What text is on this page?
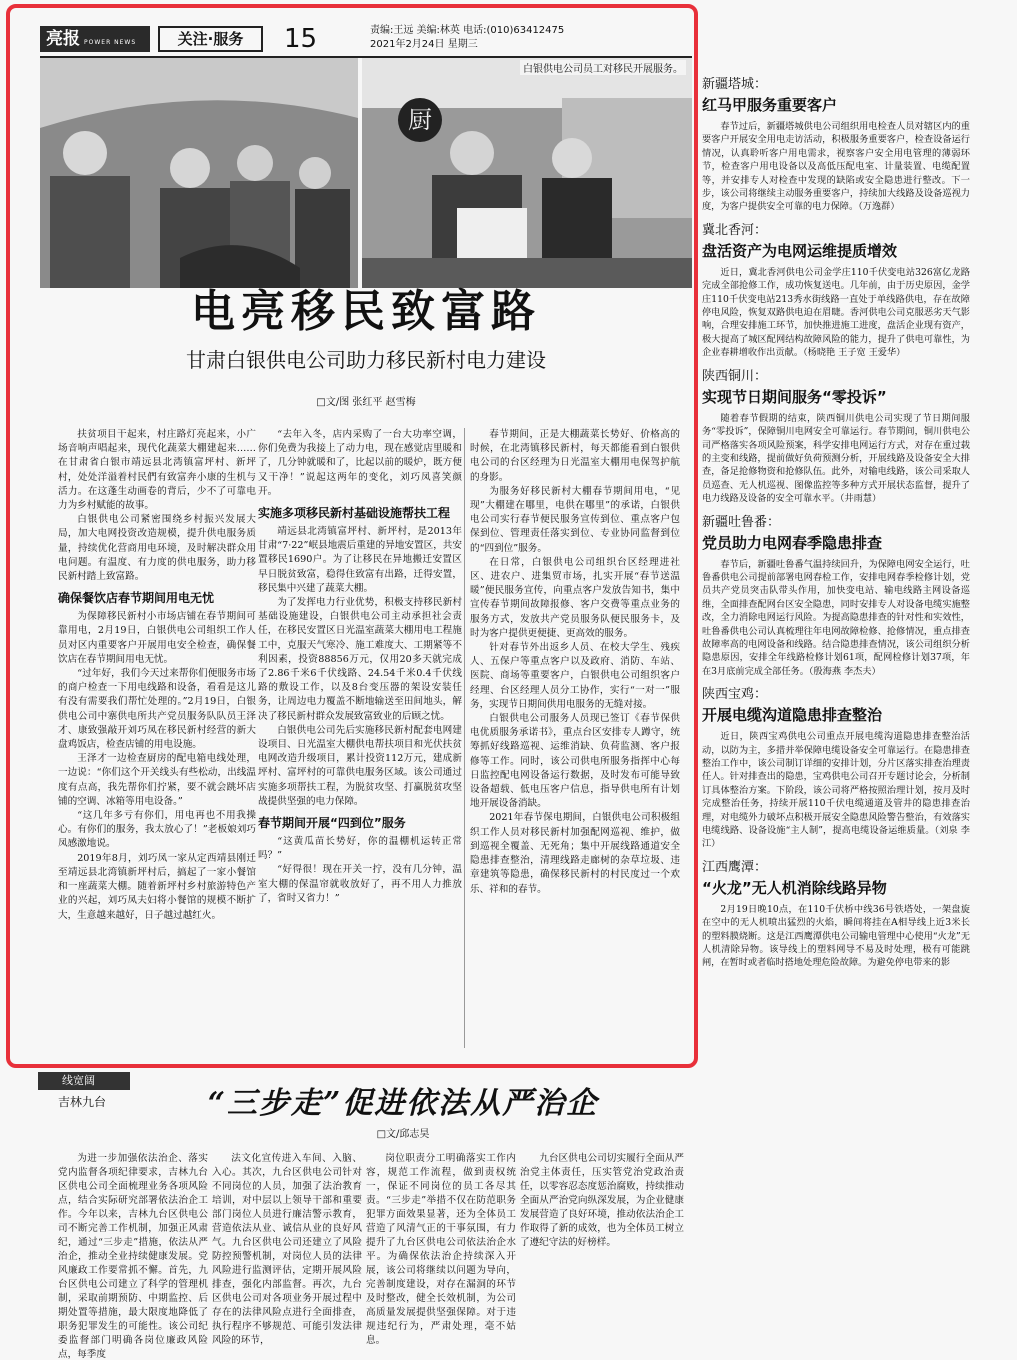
亮报 POWER NEWS	关注·服务	15	责编:王远 美编:林英 电话:(010)63412475
2021年2月24日 星期三
厨
白银供电公司员工对移民开展服务。
电亮移民致富路
甘肃白银供电公司助力移民新村电力建设
□文/图 张红平 赵雪梅

扶贫项目干起来，村庄路灯亮起来，小广场音响声唱起来，现代化蔬菜大棚建起来……在甘肃省白银市靖远县北湾镇富坪村、新坪村，处处洋溢着村民們有致富奔小康的生机与活力。在这蓬生动画卷的背后，少不了可靠电力为乡村赋能的故事。

白银供电公司紧密围绕乡村振兴发展大局，加大电网投资改造规模，提升供电服务质量，持续优化营商用电环境，及时解决群众用电问题。有温度、有力度的供电服务，助力移民新村踏上致富路。

确保餐饮店春节期间用电无忧

为保障移民新村小市场店铺在春节期间可靠用电，2月19日，白银供电公司组织工作人员对区内重要客户开展用电安全检查，确保餐饮店在春节期间用电无忧。

“过年好，我们今天过来帮你们便服务市场的商户检查一下用电线路和设备，看看是这儿有没有需要我们帮忙处理的。”2月19日，白银供电公司中寨供电所共产党员服务队队员王泽才、康致强敲开刘巧凤在移民新村经营的新大盘鸡饭店，检查店铺的用电设施。

王泽才一边检查厨房的配电箱电线处理，一边说：“你们这个开关线头有些松动，出线温度有点高，我先帮你们拧紧，要不就会跳坏店铺的空调、冰箱等用电设备。”

“这几年多亏有你们，用电再也不用我操心。有你们的服务，我太放心了！”老板娘刘巧凤感激地说。

2019年8月，刘巧凤一家从定西靖县刚迁至靖远县北湾镇新坪村后，搞起了一家小餐馆和一座蔬菜大棚。随着新坪村乡村旅游特色产业的兴起，刘巧凤夫妇将小餐馆的规模不断扩大，生意越来越好，日子越过越红火。

“去年入冬，店内采购了一台大功率空调，你们免费为我接上了动力电，现在感觉店里暖和了，几分钟就暖和了，比起以前的暖炉，既方便又干净！”说起这两年的变化，刘巧凤喜笑颜开。

实施多项移民新村基础设施帮扶工程

靖远县北湾镇富坪村、新坪村，是2013年甘肃“7·22”岷县地震后重建的异地安置区，共安置移民1690户。为了让移民在异地搬迁安置区早日脱贫致富，稳得住致富有出路，迁得安置，移民集中兴建了蔬菜大棚。

为了发挥电力行业优势，积极支持移民新村基础设施建设，白银供电公司主动承担社会责任，在移民安置区日光温室蔬菜大棚用电工程施工中，克服天气寒冷、施工难度大、工期紧等不利因素，投资88856万元，仅用20多天就完成了2.86千米6千伏线路、24.54千米0.4千伏线路的敷设工作，以及8台变压器的架设安装任务，让周边电力覆盖不断地输送至田间地头，解决了移民新村群众发展致富致业的后顾之忧。

白银供电公司先后实施移民新村配套电网建设项目、日光温室大棚供电帮扶项目和光伏扶贫电网改造升级项目，累计投资112万元，建成新坪村、富坪村的可靠供电服务区域。该公司通过实施多项帮扶工程，为脱贫攻坚、打赢脱贫攻坚战提供坚强的电力保障。

春节期间开展“四到位”服务

“这黄瓜苗长势好，你的温棚机运转正常吗？”

“好得很！现在开关一拧，没有几分钟，温室大棚的保温帘就收放好了，再不用人力推放了，省时又省力！”

春节期间，正是大棚蔬菜长势好、价格高的时候，在北湾镇移民新村，每天都能看到白银供电公司的台区经理为日光温室大棚用电保驾护航的身影。

为服务好移民新村大棚春节期间用电，“见现”大棚建在哪里，电供在哪里”的承诺，白银供电公司实行春节便民服务宣传到位、重点客户包保到位、管理责任落实到位、专业协同监督到位的“四到位”服务。

在日常，白银供电公司组织台区经理进社区、进农户、进集贸市场，扎实开展“春节送温暖”便民服务宣传，向重点客户发放告知书，集中宣传春节期间故障报修、客户交费等重点业务的服务方式，发放共产党员服务队便民服务卡，及时为客户提供更便捷、更高效的服务。

针对春节外出返乡人员、在校大学生、残疾人、五保户等重点客户以及政府、消防、车站、医院、商场等重要客户，白银供电公司组织客户经理、台区经理人员分工协作，实行“一对一”服务，实现节日期间供用电服务的无缝对接。

白银供电公司服务人员现已签订《春节保供电优质服务承诺书》，重点台区安排专人蹲守，统筹抓好线路巡视、运维消缺、负荷监测、客户报修等工作。同时，该公司供电所服务指挥中心每日监控配电网设备运行数据，及时发布可能导致设备超载、低电压客户信息，指导供电所有计划地开展设备消缺。

2021年春节保电期间，白银供电公司积极组织工作人员对移民新村加强配网巡视、维护，做到巡视全覆盖、无死角；集中开展线路通道安全隐患排查整治，清理线路走廊树的杂草垃圾、违章建筑等隐患，确保移民新村的村民度过一个欢乐、祥和的春节。

新疆塔城：
红马甲服务重要客户
春节过后，新疆塔城供电公司组织用电检查人员对辖区内的重要客户开展安全用电走访活动，积极服务重要客户，检查设备运行情况，认真聆听客户用电需求，视察客户安全用电管理的薄弱环节，检查客户用电设备以及高低压配电室、计量装置、电缆配置等，并安排专人对检查中发现的缺陷或安全隐患进行整改。下一步，该公司将继续主动服务重要客户，持续加大线路及设备巡视力度，为客户提供安全可靠的电力保障。（万逸群）
冀北香河：
盘活资产为电网运维提质增效
近日，冀北香河供电公司金学庄110千伏变电站326富亿龙路完成全部抢修工作，成功恢复送电。几年前，由于历史原因，金学庄110千伏变电站213秀水街线路一直处于单线路供电，存在故障停电风险，恢复双路供电迫在眉睫。香河供电公司克服恶劣天气影响，合理安排施工环节，加快推进施工进度，盘活企业现有资产，极大提高了城区配网结构故障风险的能力，提升了供电可靠性，为企业春耕增收作出贡献。（杨晓艳 王子宽 王爱华）
陕西铜川：
实现节日期间服务“零投诉”
随着春节假期的结束，陕西铜川供电公司实现了节日期间服务“零投诉”，保障铜川电网安全可靠运行。春节期间，铜川供电公司严格落实各项风险预案，科学安排电网运行方式，对存在重过载的主变和线路，提前做好负荷预测分析，开展线路及设备安全大排查，备足抢修物资和抢修队伍。此外，对输电线路，该公司采取人员巡查、无人机巡视、图像监控等多种方式开展状态监督，提升了电力线路及设备的安全可靠水平。（井雨慧）
新疆吐鲁番：
党员助力电网春季隐患排查
春节后，新疆吐鲁番气温持续回升，为保障电网安全运行，吐鲁番供电公司提前部署电网春检工作，安排电网春季检修计划，党员共产党员突击队带头作用，加快变电站、输电线路主网设备巡维，全面排查配网台区安全隐患，同时安排专人对设备电缆实施整改，全力消除电网运行风险。为提高隐患排查的针对性和实效性，吐鲁番供电公司认真梳理往年电网故障检修、抢修情况，重点排查故障率高的电网设备和线路。结合隐患排查情况，该公司组织分析隐患原因，安排全年线路检修计划61项，配网检修计划37项，年在3月底前完成全部任务。（殷海燕 李杰夫）
陕西宝鸡：
开展电缆沟道隐患排查整治
近日，陕西宝鸡供电公司重点开展电缆沟道隐患排查整治活动，以防为主，多措并举保障电缆设备安全可靠运行。在隐患排查整治工作中，该公司制订详细的安排计划，分片区落实排查治理责任人。针对排查出的隐患，宝鸡供电公司召开专题讨论会，分析制订具体整治方案。下阶段，该公司将严格按照治理计划，按月及时完成整治任务，持续开展110千伏电缆通道及管井的隐患排查治理，对电缆外力破坏点积极开展安全隐患风险警告整治，有效落实电缆线路、设备设施“主人制”，提高电缆设备运维质量。（刘泉 李江）
江西鹰潭：
“火龙”无人机消除线路异物
2月19日晚10点，在110千伏桥中线36号铁塔处，一架盘旋在空中的无人机喷出猛烈的火焰，瞬间将挂在A相导线上近3米长的塑料膜烧断。这是江西鹰潭供电公司输电管理中心使用“火龙”无人机清除异物。该导线上的塑料网导不易及时处理，极有可能跳闸，在暂时或者临时搭地处理危险故障。为避免停电带来的影
线宽阔
吉林九台	“三步走”促进依法从严治企
□文/邱志昊

为进一步加强依法治企、落实党内监督各项纪律要求，吉林九台区供电公司全面梳理业务各项风险点，结合实际研究部署依法治企工作。今年以来，吉林九台区供电公司不断完善工作机制，加强正风肃纪，通过“三步走”措施，依法从严治企，推动全业持续健康发展。党风廉政工作要常抓不懈。首先，九台区供电公司建立了科学的管理机制，采取前期预防、中期监控、后期处置等措施，最大限度地降低了职务犯罪发生的可能性。该公司纪委监督部门明确各岗位廉政风险点，每季度

法文化宣传进入车间、入脑、入心。其次，九台区供电公司针对不同岗位的人员，加强了法治教育培训，对中层以上领导干部和重要部门岗位人员进行廉洁警示教育，营造依法从业、诚信从业的良好风气。九台区供电公司还建立了风险防控预警机制，对岗位人员的法律风险进行监测评估，定期开展风险排查，强化内部监督。再次，九台区供电公司对各项业务开展过程中存在的法律风险点进行全面排查，执行程序不够规范、可能引发法律风险的环节，

岗位职责分工明确落实工作内容，规范工作流程，做到责权统一，保证不同岗位的员工各尽其责。“三步走”举措不仅在防范职务犯罪方面效果显著，还为全体员工营造了风清气正的干事氛围，有力提升了九台区供电公司依法治企水平。为确保依法治企持续深入开展，该公司将继续以问题为导向，完善制度建设，对存在漏洞的环节及时整改，健全长效机制，为公司高质量发展提供坚强保障。对于违规违纪行为，严肃处理，毫不姑息。

九台区供电公司切实履行全面从严治党主体责任，压实管党治党政治责任，以零容忍态度惩治腐败，持续推动全面从严治党向纵深发展，为企业健康发展营造了良好环境，推动依法治企工作取得了新的成效，也为全体员工树立了遵纪守法的好榜样。
